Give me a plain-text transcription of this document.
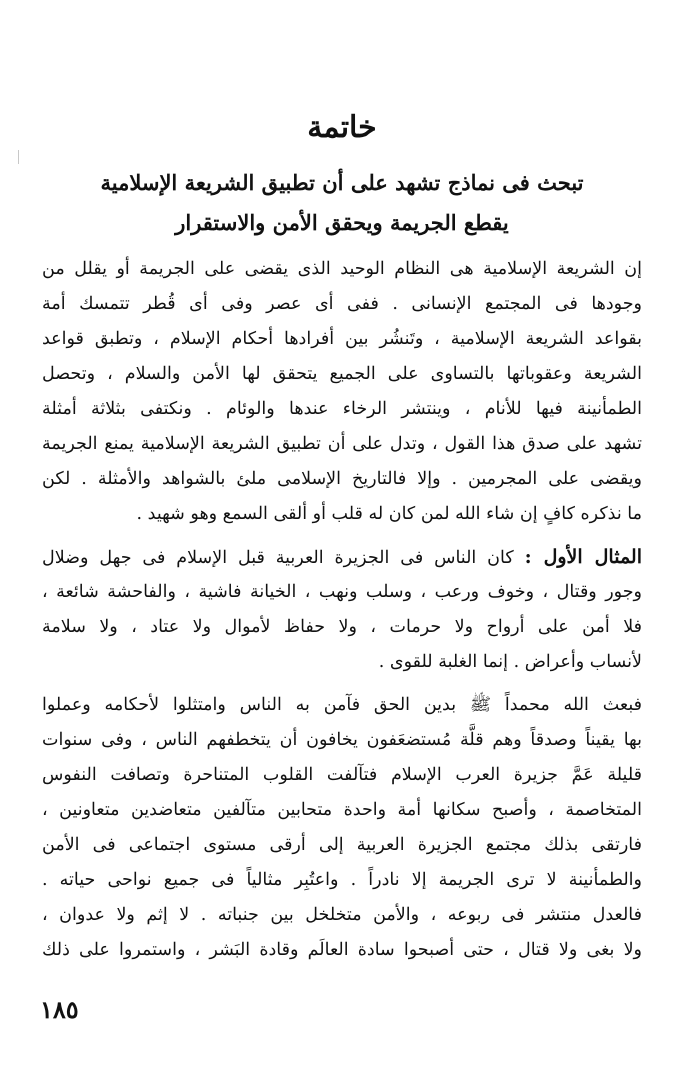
خاتمة
تبحث فى نماذج تشهد على أن تطبيق الشريعة الإسلامية
يقطع الجريمة ويحقق الأمن والاستقرار
إن الشريعة الإسلامية هى النظام الوحيد الذى يقضى على الجريمة أو يقلل من
وجودها فى المجتمع الإنسانى . ففى أى عصر وفى أى قُطر تتمسك أمة
بقواعد الشريعة الإسلامية ، وتَنشُر بين أفرادها أحكام الإسلام ، وتطبق قواعد
الشريعة وعقوباتها بالتساوى على الجميع يتحقق لها الأمن والسلام ، وتحصل
الطمأنينة فيها للأنام ، وينتشر الرخاء عندها والوئام . ونكتفى بثلاثة أمثلة
تشهد على صدق هذا القول ، وتدل على أن تطبيق الشريعة الإسلامية يمنع الجريمة
ويقضى على المجرمين . وإلا فالتاريخ الإسلامى ملئ بالشواهد والأمثلة . لكن
ما نذكره كافٍ إن شاء الله لمن كان له قلب أو ألقى السمع وهو شهيد .
المثال الأول : كان الناس فى الجزيرة العربية قبل الإسلام فى جهل وضلال
وجور وقتال ، وخوف ورعب ، وسلب ونهب ، الخيانة فاشية ، والفاحشة شائعة ،
فلا أمن على أرواح ولا حرمات ، ولا حفاظ لأموال ولا عتاد ، ولا سلامة
لأنساب وأعراض . إنما الغلبة للقوى .
فبعث الله محمداً ﷺ بدين الحق فآمن به الناس وامتثلوا لأحكامه وعملوا
بها يقيناً وصدقاً وهم قلَّة مُستضعَفون يخافون أن يتخطفهم الناس ، وفى سنوات
قليلة عَمَّ جزيرة العرب الإسلام فتآلفت القلوب المتناحرة وتصافت النفوس
المتخاصمة ، وأصبح سكانها أمة واحدة متحابين متآلفين متعاضدين متعاونين ،
فارتقى بذلك مجتمع الجزيرة العربية إلى أرقى مستوى اجتماعى فى الأمن
والطمأنينة لا ترى الجريمة إلا نادراً . واعتُبِر مثالياً فى جميع نواحى حياته .
فالعدل منتشر فى ربوعه ، والأمن متخلخل بين جنباته . لا إثم ولا عدوان ،
ولا بغى ولا قتال ، حتى أصبحوا سادة العالَم وقادة البَشر ، واستمروا على ذلك
١٨٥
